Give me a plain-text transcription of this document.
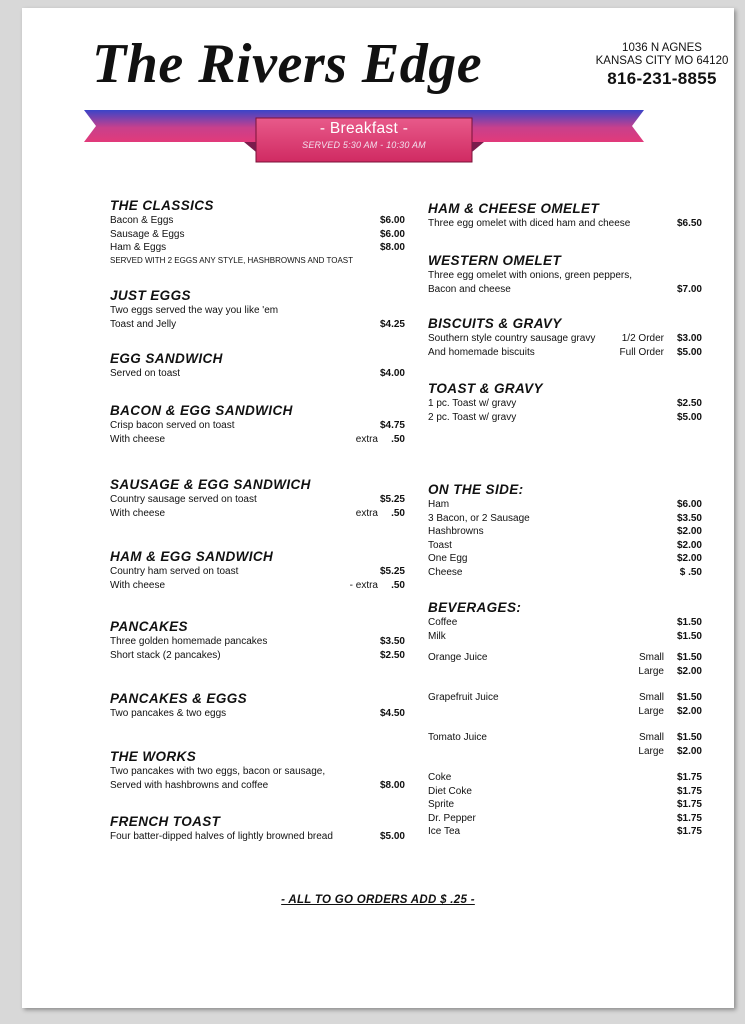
The Rivers Edge	1036 N AGNES
KANSAS CITY MO 64120
816-231-8855
- Breakfast -
SERVED 5:30 AM - 10:30 AM
THE CLASSICS
Bacon & Eggs	$6.00
Sausage & Eggs	$6.00
Ham & Eggs	$8.00
SERVED WITH 2 EGGS ANY STYLE, HASHBROWNS AND TOAST
JUST EGGS
Two eggs served the way you like 'em
Toast and Jelly	$4.25
EGG SANDWICH
Served on toast	$4.00
BACON & EGG SANDWICH
Crisp bacon served on toast	$4.75
With cheese	extra .50
SAUSAGE & EGG SANDWICH
Country sausage served on toast	$5.25
With cheese	extra .50
HAM & EGG SANDWICH
Country ham served on toast	$5.25
With cheese	- extra .50
PANCAKES
Three golden homemade pancakes	$3.50
Short stack (2 pancakes)	$2.50
PANCAKES & EGGS
Two pancakes & two eggs	$4.50
THE WORKS
Two pancakes with two eggs, bacon or sausage,
Served with hashbrowns and coffee	$8.00
FRENCH TOAST
Four batter-dipped halves of lightly browned bread	$5.00
HAM & CHEESE OMELET
Three egg omelet with diced ham and cheese	$6.50
WESTERN OMELET
Three egg omelet with onions, green peppers,
Bacon and cheese	$7.00
BISCUITS & GRAVY
Southern style country sausage gravy	1/2 Order $3.00
And homemade biscuits	Full Order $5.00
TOAST & GRAVY
1 pc. Toast w/ gravy	$2.50
2 pc. Toast w/ gravy	$5.00
ON THE SIDE:
Ham	$6.00
3 Bacon, or 2 Sausage	$3.50
Hashbrowns	$2.00
Toast	$2.00
One Egg	$2.00
Cheese	$ .50
BEVERAGES:
Coffee	$1.50
Milk	$1.50
Orange Juice	Small $1.50
Large $2.00
Grapefruit Juice	Small $1.50
Large $2.00
Tomato Juice	Small $1.50
Large $2.00
Coke	$1.75
Diet Coke	$1.75
Sprite	$1.75
Dr. Pepper	$1.75
Ice Tea	$1.75
- ALL TO GO ORDERS ADD $ .25 -
